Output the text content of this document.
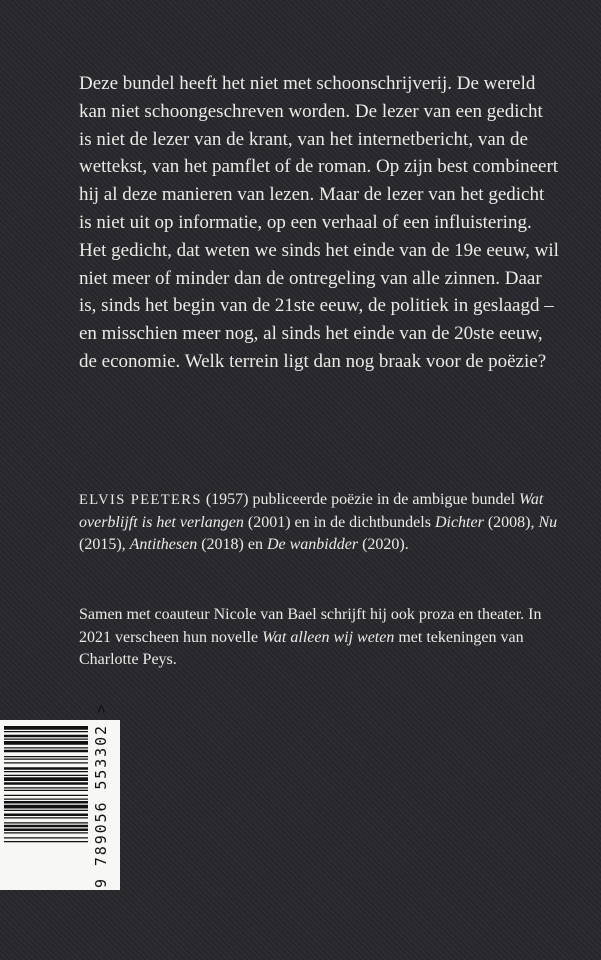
Deze bundel heeft het niet met schoonschrijverij. De wereld kan niet schoongeschreven worden. De lezer van een gedicht is niet de lezer van de krant, van het internetbericht, van de wettekst, van het pamflet of de roman. Op zijn best combineert hij al deze manieren van lezen. Maar de lezer van het gedicht is niet uit op informatie, op een verhaal of een influistering. Het gedicht, dat weten we sinds het einde van de 19e eeuw, wil niet meer of minder dan de ontregeling van alle zinnen. Daar is, sinds het begin van de 21ste eeuw, de politiek in geslaagd – en misschien meer nog, al sinds het einde van de 20ste eeuw, de economie. Welk terrein ligt dan nog braak voor de poëzie?

ELVIS PEETERS (1957) publiceerde poëzie in de ambigue bundel Wat overblijft is het verlangen (2001) en in de dichtbundels Dichter (2008), Nu (2015), Antithesen (2018) en De wanbidder (2020).

Samen met coauteur Nicole van Bael schrijft hij ook proza en theater. In 2021 verscheen hun novelle Wat alleen wij weten met tekeningen van Charlotte Peys.

9 789056 553302 >
